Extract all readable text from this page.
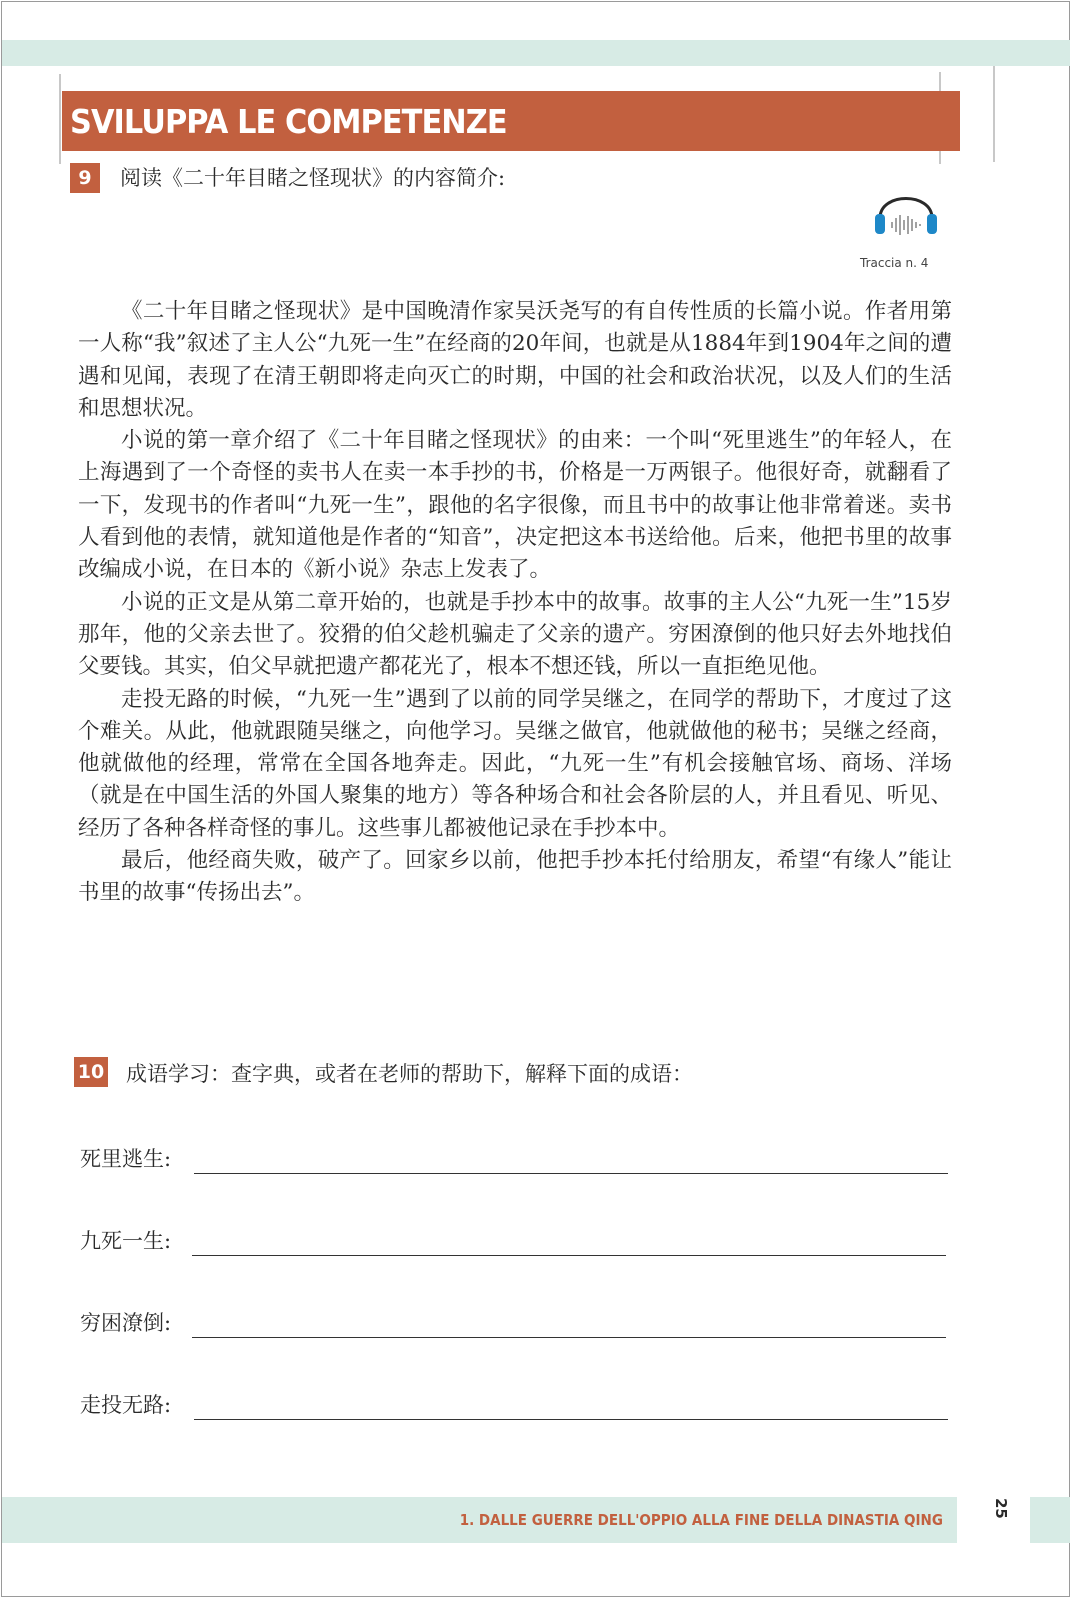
SVILUPPA LE COMPETENZE
9	阅读《二十年目睹之怪现状》的内容简介:
Traccia n. 4

《二十年目睹之怪现状》是中国晚清作家吴沃尧写的有自传性质的长篇小说。作者用第一人称“我”叙述了主人公“九死一生”在经商的20年间，也就是从1884年到1904年之间的遭遇和见闻，表现了在清王朝即将走向灭亡的时期，中国的社会和政治状况，以及人们的生活和思想状况。

小说的第一章介绍了《二十年目睹之怪现状》的由来：一个叫“死里逃生”的年轻人，在上海遇到了一个奇怪的卖书人在卖一本手抄的书，价格是一万两银子。他很好奇，就翻看了一下，发现书的作者叫“九死一生”，跟他的名字很像，而且书中的故事让他非常着迷。卖书人看到他的表情，就知道他是作者的“知音”，决定把这本书送给他。后来，他把书里的故事改编成小说，在日本的《新小说》杂志上发表了。

小说的正文是从第二章开始的，也就是手抄本中的故事。故事的主人公“九死一生”15岁那年，他的父亲去世了。狡猾的伯父趁机骗走了父亲的遗产。穷困潦倒的他只好去外地找伯父要钱。其实，伯父早就把遗产都花光了，根本不想还钱，所以一直拒绝见他。

走投无路的时候，“九死一生”遇到了以前的同学吴继之，在同学的帮助下，才度过了这个难关。从此，他就跟随吴继之，向他学习。吴继之做官，他就做他的秘书；吴继之经商，他就做他的经理，常常在全国各地奔走。因此，“九死一生”有机会接触官场、商场、洋场（就是在中国生活的外国人聚集的地方）等各种场合和社会各阶层的人，并且看见、听见、经历了各种各样奇怪的事儿。这些事儿都被他记录在手抄本中。

最后，他经商失败，破产了。回家乡以前，他把手抄本托付给朋友，希望“有缘人”能让书里的故事“传扬出去”。

10 成语学习：查字典，或者在老师的帮助下，解释下面的成语：
死里逃生:
九死一生:
穷困潦倒:
走投无路:
1. DALLE GUERRE DELL'OPPIO ALLA FINE DELLA DINASTIA QING
25
